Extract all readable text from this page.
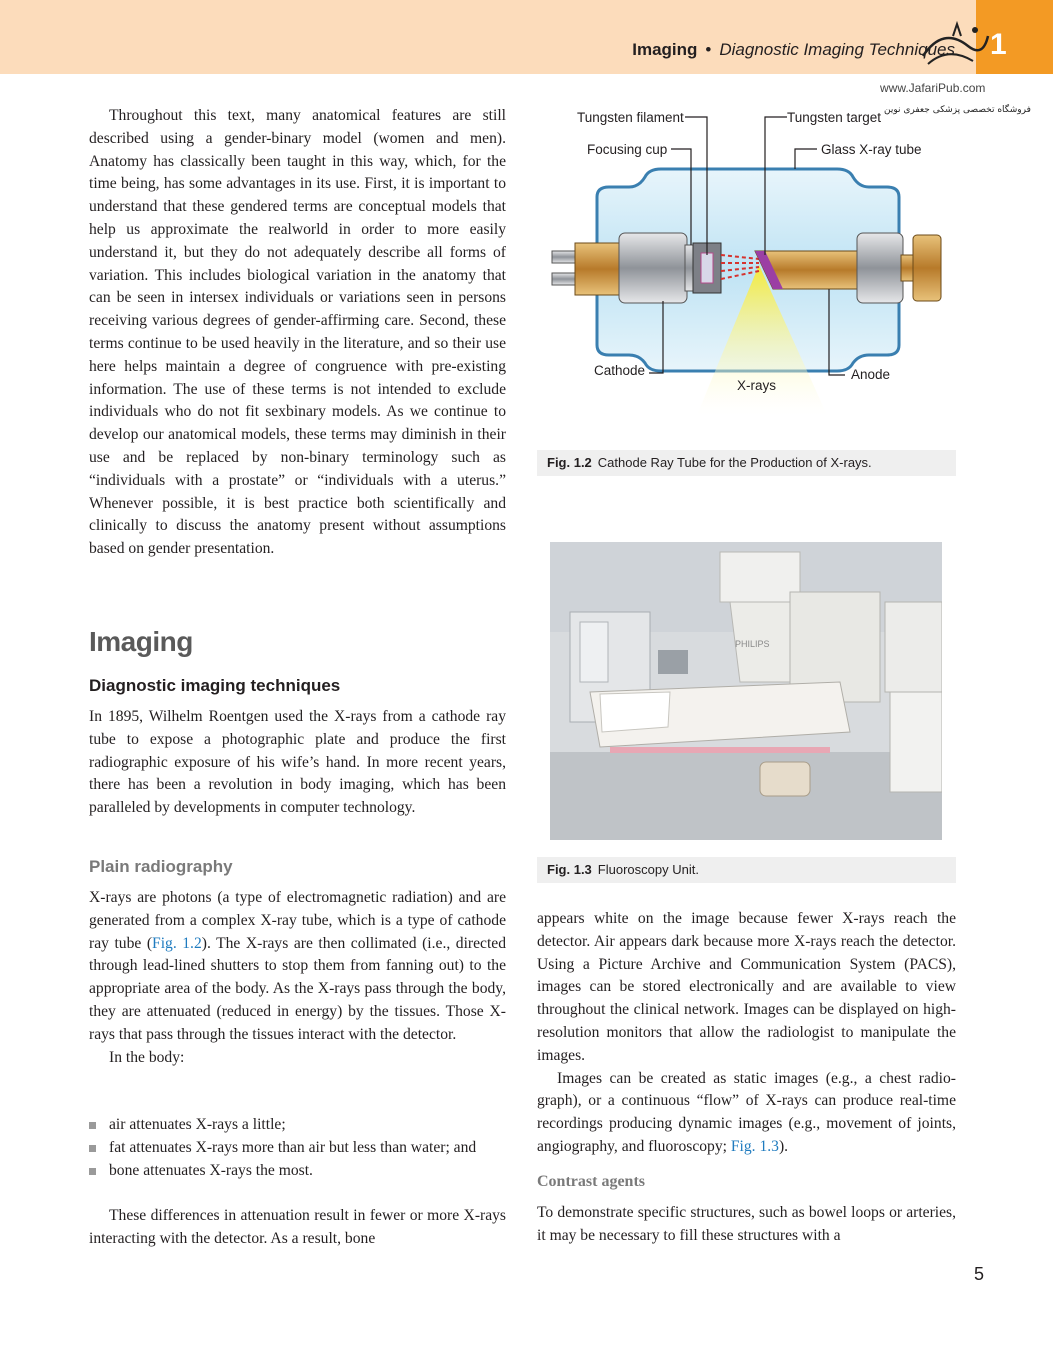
Imaging • Diagnostic Imaging Techniques	1
www.JafariPub.com
فروشگاه تخصصی پزشکی جعفری نوین

Throughout this text, many anatomical features are still described using a gender-binary model (women and men). Anatomy has classically been taught in this way, which, for the time being, has some advantages in its use. First, it is important to understand that these gendered terms are conceptual models that help us approximate the realworld in order to more easily understand it, but they do not adequately describe all forms of variation. This includes biological variation in the anatomy that can be seen in intersex individuals or variations seen in persons receiving various degrees of gender-affirming care. Second, these terms continue to be used heavily in the literature, and so their use here helps maintain a degree of congruence with pre-existing information. The use of these terms is not intended to exclude individuals who do not fit sexbinary models. As we continue to develop our anatomical models, these terms may diminish in their use and be replaced by non-binary terminology such as “individuals with a prostate” or “individuals with a uterus.” Whenever possible, it is best practice both scientifically and clinically to discuss the anatomy present without assumptions based on gender presentation.

Imaging
Diagnostic imaging techniques

In 1895, Wilhelm Roentgen used the X-rays from a cathode ray tube to expose a photographic plate and produce the first radiographic exposure of his wife’s hand. In more recent years, there has been a revolution in body imaging, which has been paralleled by developments in computer technology.

Plain radiography

X-rays are photons (a type of electromagnetic radiation) and are generated from a complex X-ray tube, which is a type of cathode ray tube (Fig. 1.2). The X-rays are then collimated (i.e., directed through lead-lined shutters to stop them from fanning out) to the appropriate area of the body. As the X-rays pass through the body, they are attenuated (reduced in energy) by the tissues. Those X-rays that pass through the tissues interact with the detector.

In the body:

air attenuates X-rays a little;
fat attenuates X-rays more than air but less than water; and
bone attenuates X-rays the most.

These differences in attenuation result in fewer or more X-rays interacting with the detector. As a result, bone

Tungsten filament	Tungsten target
Focusing cup	Glass X-ray tube
Cathode
X-rays
Anode
Fig. 1.2 Cathode Ray Tube for the Production of X-rays.
PHILIPS
Fig. 1.3 Fluoroscopy Unit.

appears white on the image because fewer X-rays reach the detector. Air appears dark because more X-rays reach the detector. Using a Picture Archive and Communication System (PACS), images can be stored electronically and are available to view throughout the clinical network. Images can be displayed on high-resolution monitors that allow the radiologist to manipulate the images.

Images can be created as static images (e.g., a chest radiograph), or a continuous “flow” of X-rays can produce real-time recordings producing dynamic images (e.g., movement of joints, angiography, and fluoroscopy; Fig. 1.3).

Contrast agents

To demonstrate specific structures, such as bowel loops or arteries, it may be necessary to fill these structures with a

5
